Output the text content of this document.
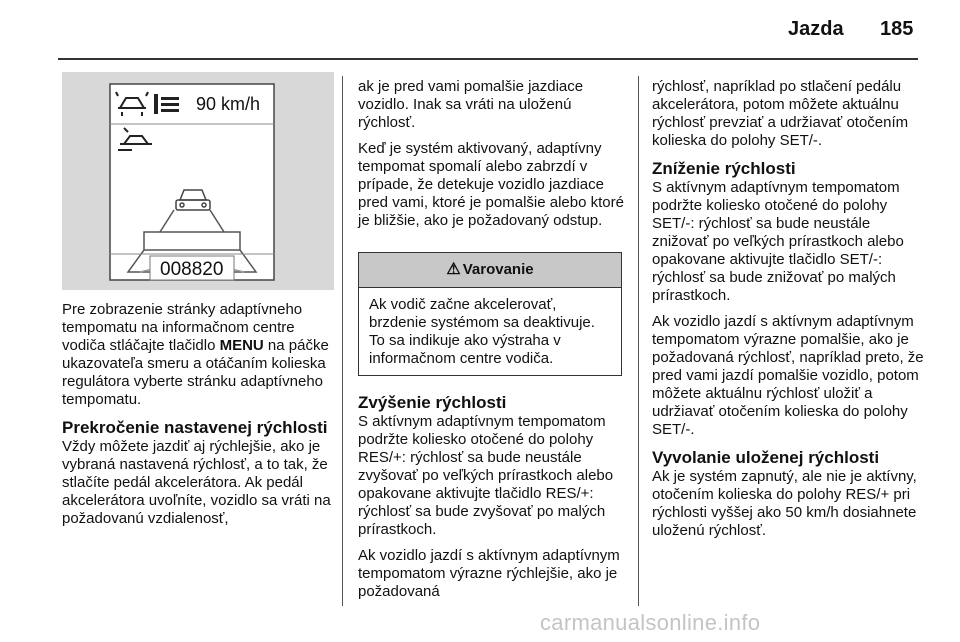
Jazda 185
90 km/h
008820

Pre zobrazenie stránky adaptívneho tempomatu na informačnom centre vodiča stláčajte tlačidlo MENU na páčke ukazovateľa smeru a otáčaním kolieska regulátora vyberte stránku adaptívneho tempomatu.

Prekročenie nastavenej rýchlosti

Vždy môžete jazdiť aj rýchlejšie, ako je vybraná nastavená rýchlosť, a to tak, že stlačíte pedál akcelerátora. Ak pedál akcelerátora uvoľníte, vozidlo sa vráti na požadovanú vzdialenosť,

ak je pred vami pomalšie jazdiace vozidlo. Inak sa vráti na uloženú rýchlosť.

Keď je systém aktivovaný, adaptívny tempomat spomalí alebo zabrzdí v prípade, že detekuje vozidlo jazdiace pred vami, ktoré je pomalšie alebo ktoré je bližšie, ako je požadovaný odstup.

⚠ Varovanie
Ak vodič začne akcelerovať, brzdenie systémom sa deaktivuje. To sa indikuje ako výstraha v informačnom centre vodiča.
Zvýšenie rýchlosti

S aktívnym adaptívnym tempomatom podržte koliesko otočené do polohy RES/+: rýchlosť sa bude neustále zvyšovať po veľkých prírastkoch alebo opakovane aktivujte tlačidlo RES/+: rýchlosť sa bude zvyšovať po malých prírastkoch.

Ak vozidlo jazdí s aktívnym adaptívnym tempomatom výrazne rýchlejšie, ako je požadovaná

rýchlosť, napríklad po stlačení pedálu akcelerátora, potom môžete aktuálnu rýchlosť prevziať a udržiavať otočením kolieska do polohy SET/-.

Zníženie rýchlosti

S aktívnym adaptívnym tempomatom podržte koliesko otočené do polohy SET/-: rýchlosť sa bude neustále znižovať po veľkých prírastkoch alebo opakovane aktivujte tlačidlo SET/-: rýchlosť sa bude znižovať po malých prírastkoch.

Ak vozidlo jazdí s aktívnym adaptívnym tempomatom výrazne pomalšie, ako je požadovaná rýchlosť, napríklad preto, že pred vami jazdí pomalšie vozidlo, potom môžete aktuálnu rýchlosť uložiť a udržiavať otočením kolieska do polohy SET/-.

Vyvolanie uloženej rýchlosti

Ak je systém zapnutý, ale nie je aktívny, otočením kolieska do polohy RES/+ pri rýchlosti vyššej ako 50 km/h dosiahnete uloženú rýchlosť.

carmanualsonline.info
